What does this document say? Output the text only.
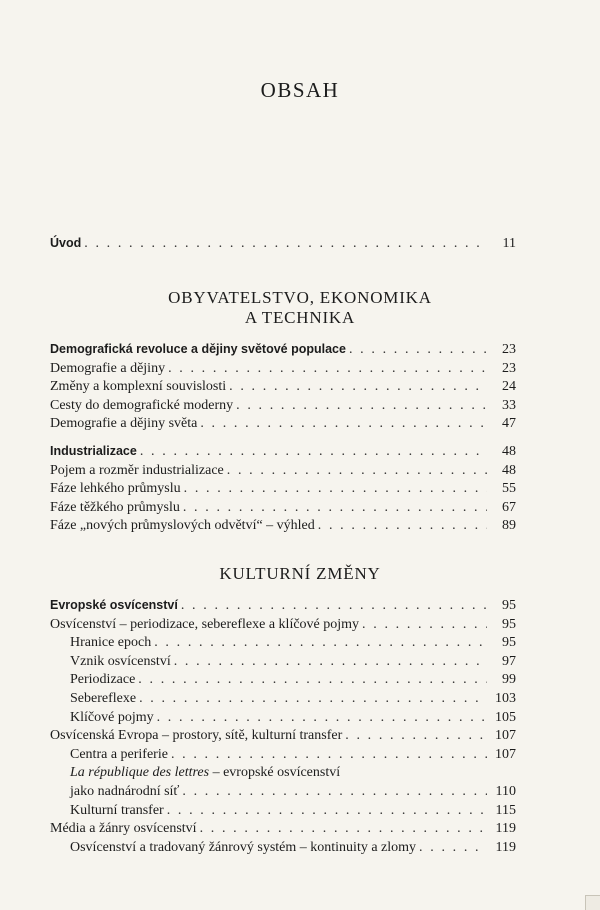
OBSAH
Úvod . . .	11
OBYVATELSTVO, EKONOMIKA
A TECHNIKA
Demografická revoluce a dějiny světové populace . . .	23
Demografie a dějiny . . .	23
Změny a komplexní souvislosti . . .	24
Cesty do demografické moderny . . .	33
Demografie a dějiny světa . . .	47
Industrializace . . .	48
Pojem a rozměr industrializace . . .	48
Fáze lehkého průmyslu . . .	55
Fáze těžkého průmyslu . . .	67
Fáze „nových průmyslových odvětví“ – výhled . . .	89
KULTURNÍ ZMĚNY
Evropské osvícenství . . .	95
Osvícenství – periodizace, sebereflexe a klíčové pojmy . . .	95
Hranice epoch . . .	95
Vznik osvícenství . . .	97
Periodizace . . .	99
Sebereflexe . . .	103
Klíčové pojmy . . .	105
Osvícenská Evropa – prostory, sítě, kulturní transfer . . .	107
Centra a periferie . . .	107
La république des lettres – evropské osvícenství
jako nadnárodní síť . . .	110
Kulturní transfer . . .	115
Média a žánry osvícenství . . .	119
Osvícenství a tradovaný žánrový systém – kontinuity a zlomy . . .	119
